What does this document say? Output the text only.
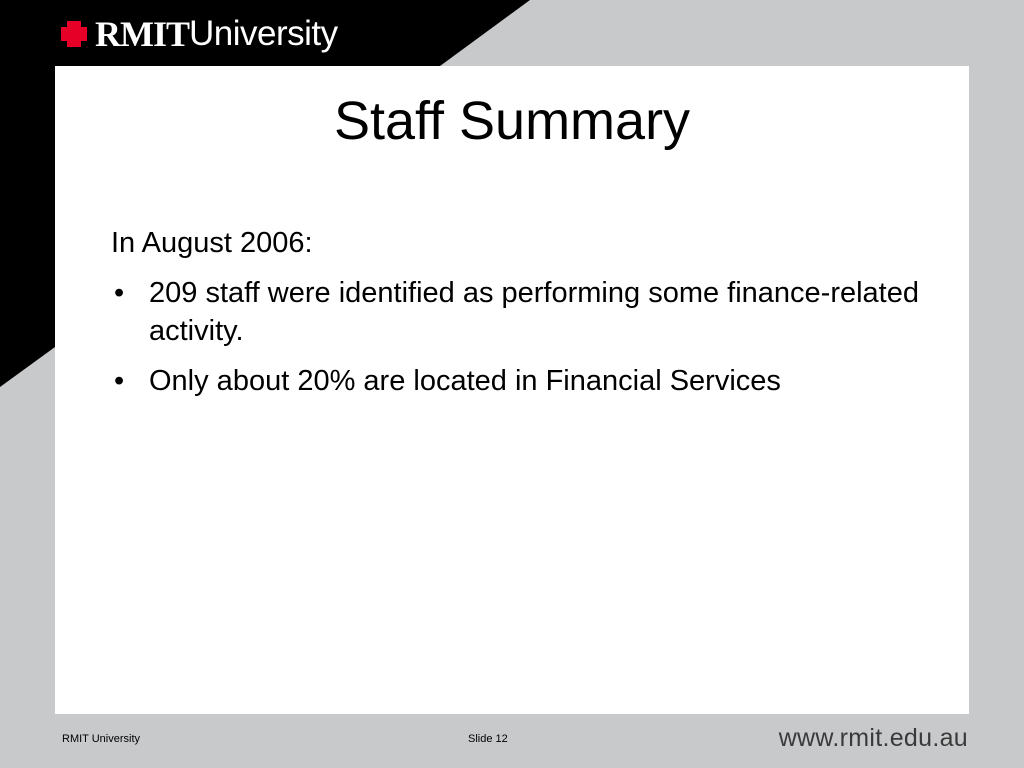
RMIT University
Staff Summary

In August 2006:

• 209 staff were identified as performing some finance-related activity.
• Only about 20% are located in Financial Services
RMIT University	Slide 12	www.rmit.edu.au
